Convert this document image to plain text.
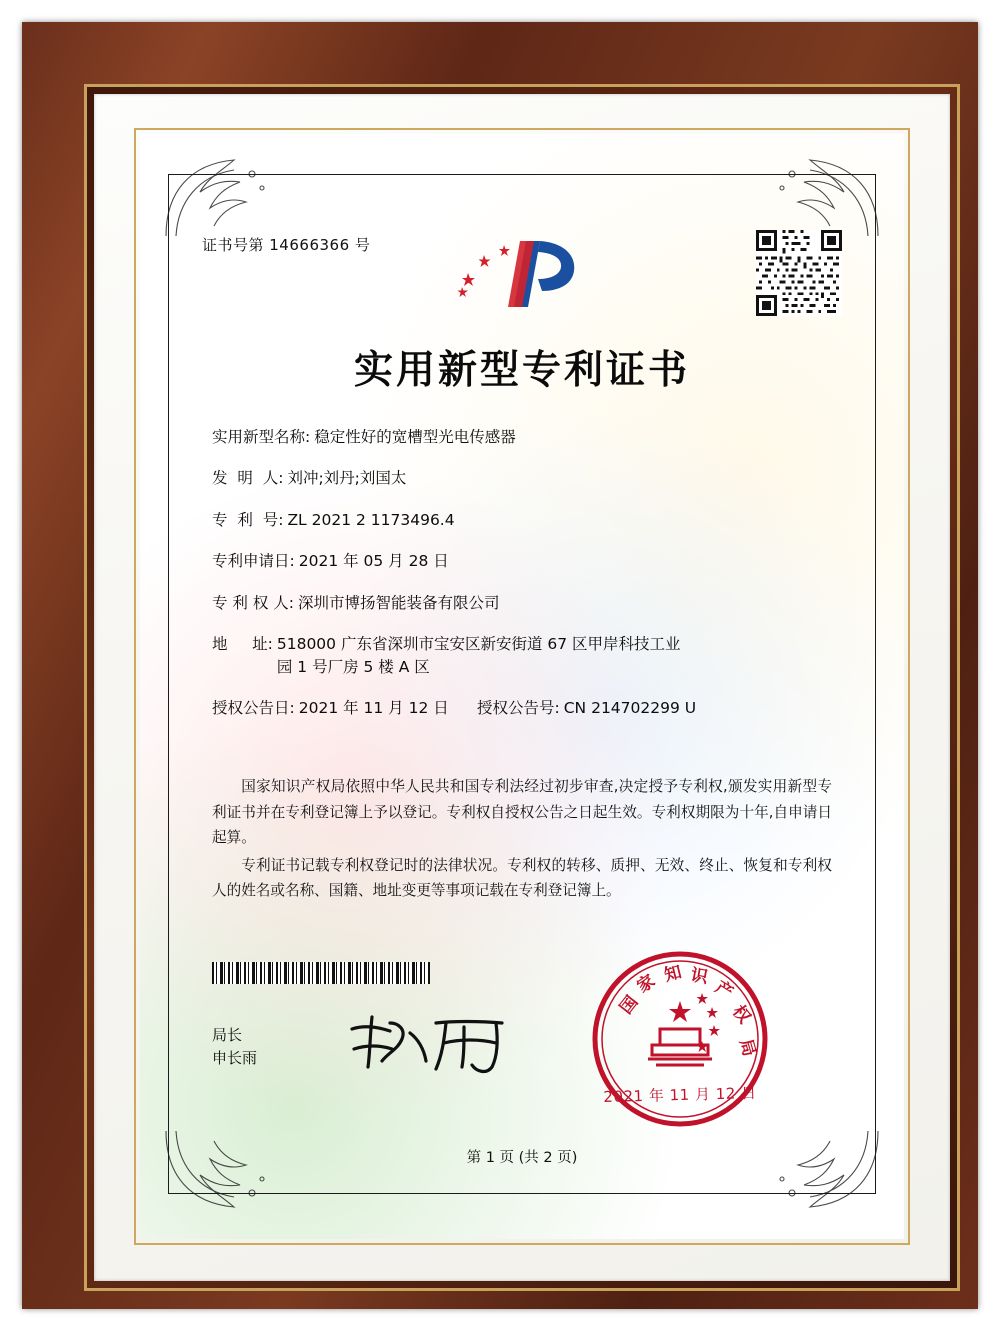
证书号第 14666366 号
实用新型专利证书
实用新型名称: 稳定性好的宽槽型光电传感器
发  明  人: 刘冲;刘丹;刘国太
专  利  号: ZL 2021 2 1173496.4
专利申请日: 2021 年 05 月 28 日
专 利 权 人: 深圳市博扬智能装备有限公司
地     址: 518000 广东省深圳市宝安区新安街道 67 区甲岸科技工业
园 1 号厂房 5 楼 A 区
授权公告日: 2021 年 11 月 12 日	授权公告号: CN 214702299 U

国家知识产权局依照中华人民共和国专利法经过初步审查,决定授予专利权,颁发实用新型专利证书并在专利登记簿上予以登记。专利权自授权公告之日起生效。专利权期限为十年,自申请日起算。

专利证书记载专利权登记时的法律状况。专利权的转移、质押、无效、终止、恢复和专利权人的姓名或名称、国籍、地址变更等事项记载在专利登记簿上。

局长
申长雨
国
家 知 识
产
权
局
2021 年 11 月 12 日
第 1 页 (共 2 页)
